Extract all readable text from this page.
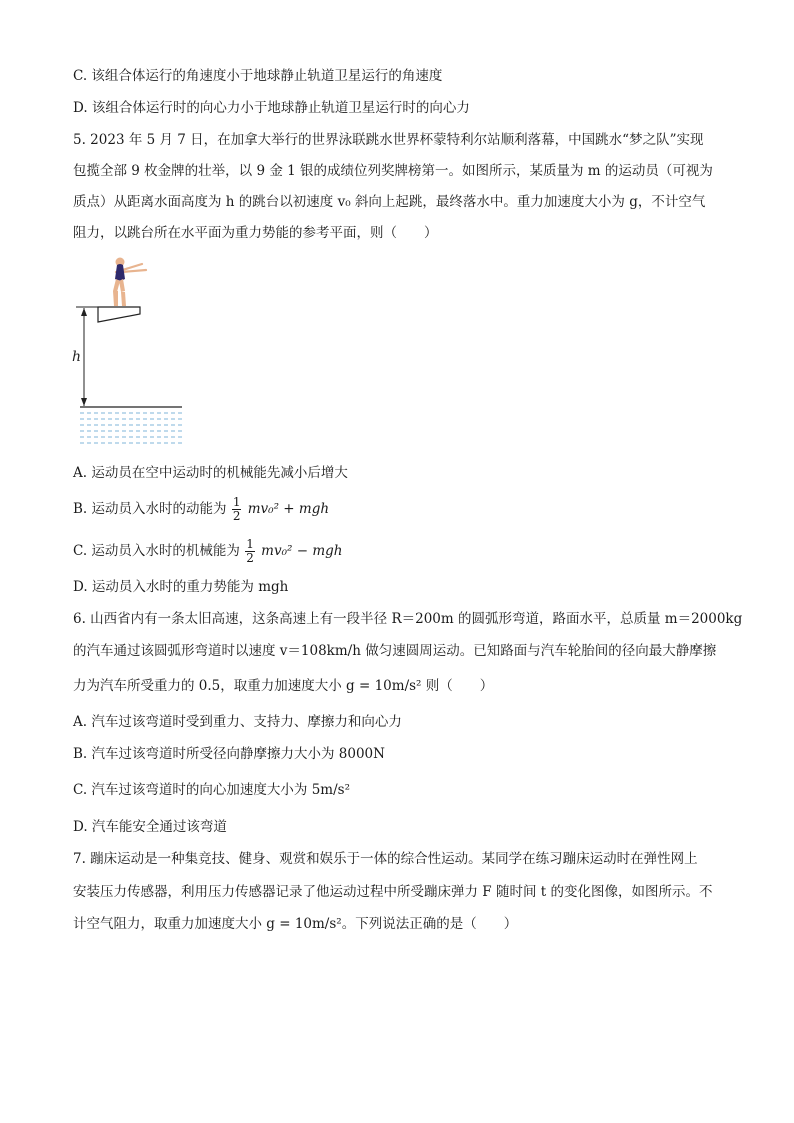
C. 该组合体运行的角速度小于地球静止轨道卫星运行的角速度
D. 该组合体运行时的向心力小于地球静止轨道卫星运行时的向心力
5. 2023 年 5 月 7 日，在加拿大举行的世界泳联跳水世界杯蒙特利尔站顺利落幕，中国跳水“梦之队”实现
包揽全部 9 枚金牌的壮举，以 9 金 1 银的成绩位列奖牌榜第一。如图所示，某质量为 m 的运动员（可视为
质点）从距离水面高度为 h 的跳台以初速度 v₀ 斜向上起跳，最终落水中。重力加速度大小为 g，不计空气
阻力，以跳台所在水平面为重力势能的参考平面，则（　　）
h
A. 运动员在空中运动时的机械能先减小后增大
B. 运动员入水时的动能为 $\frac{1}{2} mv_0^2$ + mgh
C. 运动员入水时的机械能为 $\frac{1}{2} mv_0^2$ − mgh
D. 运动员入水时的重力势能为 mgh
6. 山西省内有一条太旧高速，这条高速上有一段半径 R＝200m 的圆弧形弯道，路面水平，总质量 m＝2000kg
的汽车通过该圆弧形弯道时以速度 v＝108km/h 做匀速圆周运动。已知路面与汽车轮胎间的径向最大静摩擦
力为汽车所受重力的 0.5，取重力加速度大小 g = 10m/s² 则（　　）
A. 汽车过该弯道时受到重力、支持力、摩擦力和向心力
B. 汽车过该弯道时所受径向静摩擦力大小为 8000N
C. 汽车过该弯道时的向心加速度大小为 5m/s²
D. 汽车能安全通过该弯道
7. 蹦床运动是一种集竞技、健身、观赏和娱乐于一体的综合性运动。某同学在练习蹦床运动时在弹性网上
安装压力传感器，利用压力传感器记录了他运动过程中所受蹦床弹力 F 随时间 t 的变化图像，如图所示。不
计空气阻力，取重力加速度大小 g = 10m/s²。下列说法正确的是（　　）
